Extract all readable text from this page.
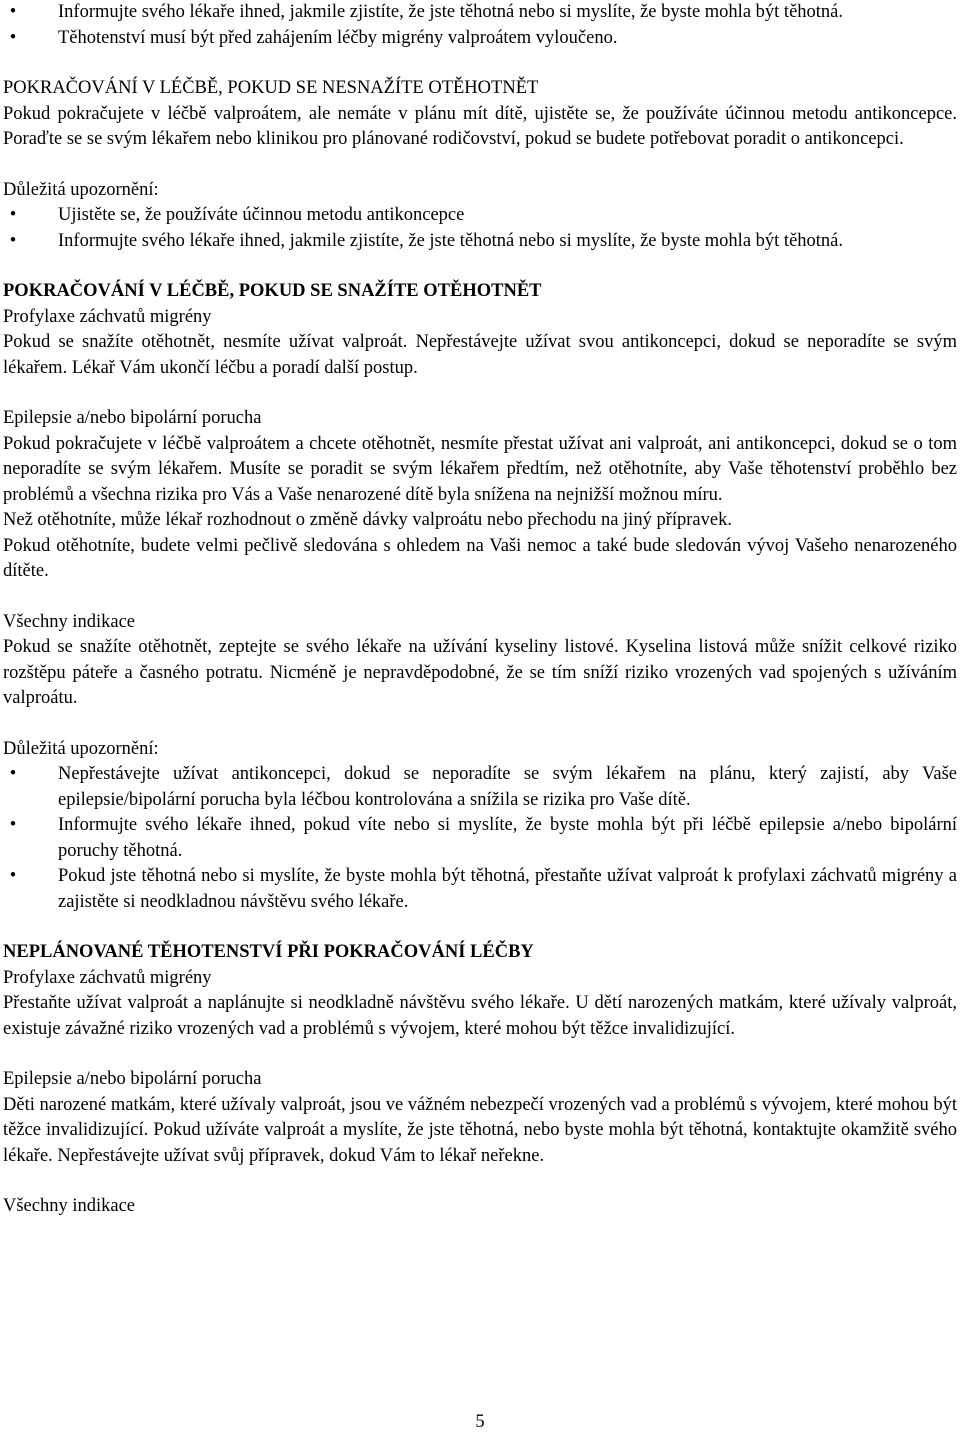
•	Informujte svého lékaře ihned, jakmile zjistíte, že jste těhotná nebo si myslíte, že byste mohla být těhotná.
•	Těhotenství musí být před zahájením léčby migrény valproátem vyloučeno.

POKRAČOVÁNÍ V LÉČBĚ, POKUD SE NESNAŽÍTE OTĚHOTNĚT

Pokud pokračujete v léčbě valproátem, ale nemáte v plánu mít dítě, ujistěte se, že používáte účinnou metodu antikoncepce. Poraďte se se svým lékařem nebo klinikou pro plánované rodičovství, pokud se budete potřebovat poradit o antikoncepci.

Důležitá upozornění:

•	Ujistěte se, že používáte účinnou metodu antikoncepce
•	Informujte svého lékaře ihned, jakmile zjistíte, že jste těhotná nebo si myslíte, že byste mohla být těhotná.

POKRAČOVÁNÍ V LÉČBĚ, POKUD SE SNAŽÍTE OTĚHOTNĚT

Profylaxe záchvatů migrény

Pokud se snažíte otěhotnět, nesmíte užívat valproát. Nepřestávejte užívat svou antikoncepci, dokud se neporadíte se svým lékařem. Lékař Vám ukončí léčbu a poradí další postup.

Epilepsie a/nebo bipolární porucha

Pokud pokračujete v léčbě valproátem a chcete otěhotnět, nesmíte přestat užívat ani valproát, ani antikoncepci, dokud se o tom neporadíte se svým lékařem. Musíte se poradit se svým lékařem předtím, než otěhotníte, aby Vaše těhotenství proběhlo bez problémů a všechna rizika pro Vás a Vaše nenarozené dítě byla snížena na nejnižší možnou míru.

Než otěhotníte, může lékař rozhodnout o změně dávky valproátu nebo přechodu na jiný přípravek.

Pokud otěhotníte, budete velmi pečlivě sledována s ohledem na Vaši nemoc a také bude sledován vývoj Vašeho nenarozeného dítěte.

Všechny indikace

Pokud se snažíte otěhotnět, zeptejte se svého lékaře na užívání kyseliny listové. Kyselina listová může snížit celkové riziko rozštěpu páteře a časného potratu. Nicméně je nepravděpodobné, že se tím sníží riziko vrozených vad spojených s užíváním valproátu.

Důležitá upozornění:

•	Nepřestávejte užívat antikoncepci, dokud se neporadíte se svým lékařem na plánu, který zajistí, aby Vaše epilepsie/bipolární porucha byla léčbou kontrolována a snížila se rizika pro Vaše dítě.
•	Informujte svého lékaře ihned, pokud víte nebo si myslíte, že byste mohla být při léčbě epilepsie a/nebo bipolární poruchy těhotná.
•	Pokud jste těhotná nebo si myslíte, že byste mohla být těhotná, přestaňte užívat valproát k profylaxi záchvatů migrény a zajistěte si neodkladnou návštěvu svého lékaře.

NEPLÁNOVANÉ TĚHOTENSTVÍ PŘI POKRAČOVÁNÍ LÉČBY

Profylaxe záchvatů migrény

Přestaňte užívat valproát a naplánujte si neodkladně návštěvu svého lékaře. U dětí narozených matkám, které užívaly valproát, existuje závažné riziko vrozených vad a problémů s vývojem, které mohou být těžce invalidizující.

Epilepsie a/nebo bipolární porucha

Děti narozené matkám, které užívaly valproát, jsou ve vážném nebezpečí vrozených vad a problémů s vývojem, které mohou být těžce invalidizující. Pokud užíváte valproát a myslíte, že jste těhotná, nebo byste mohla být těhotná, kontaktujte okamžitě svého lékaře. Nepřestávejte užívat svůj přípravek, dokud Vám to lékař neřekne.

Všechny indikace

5
